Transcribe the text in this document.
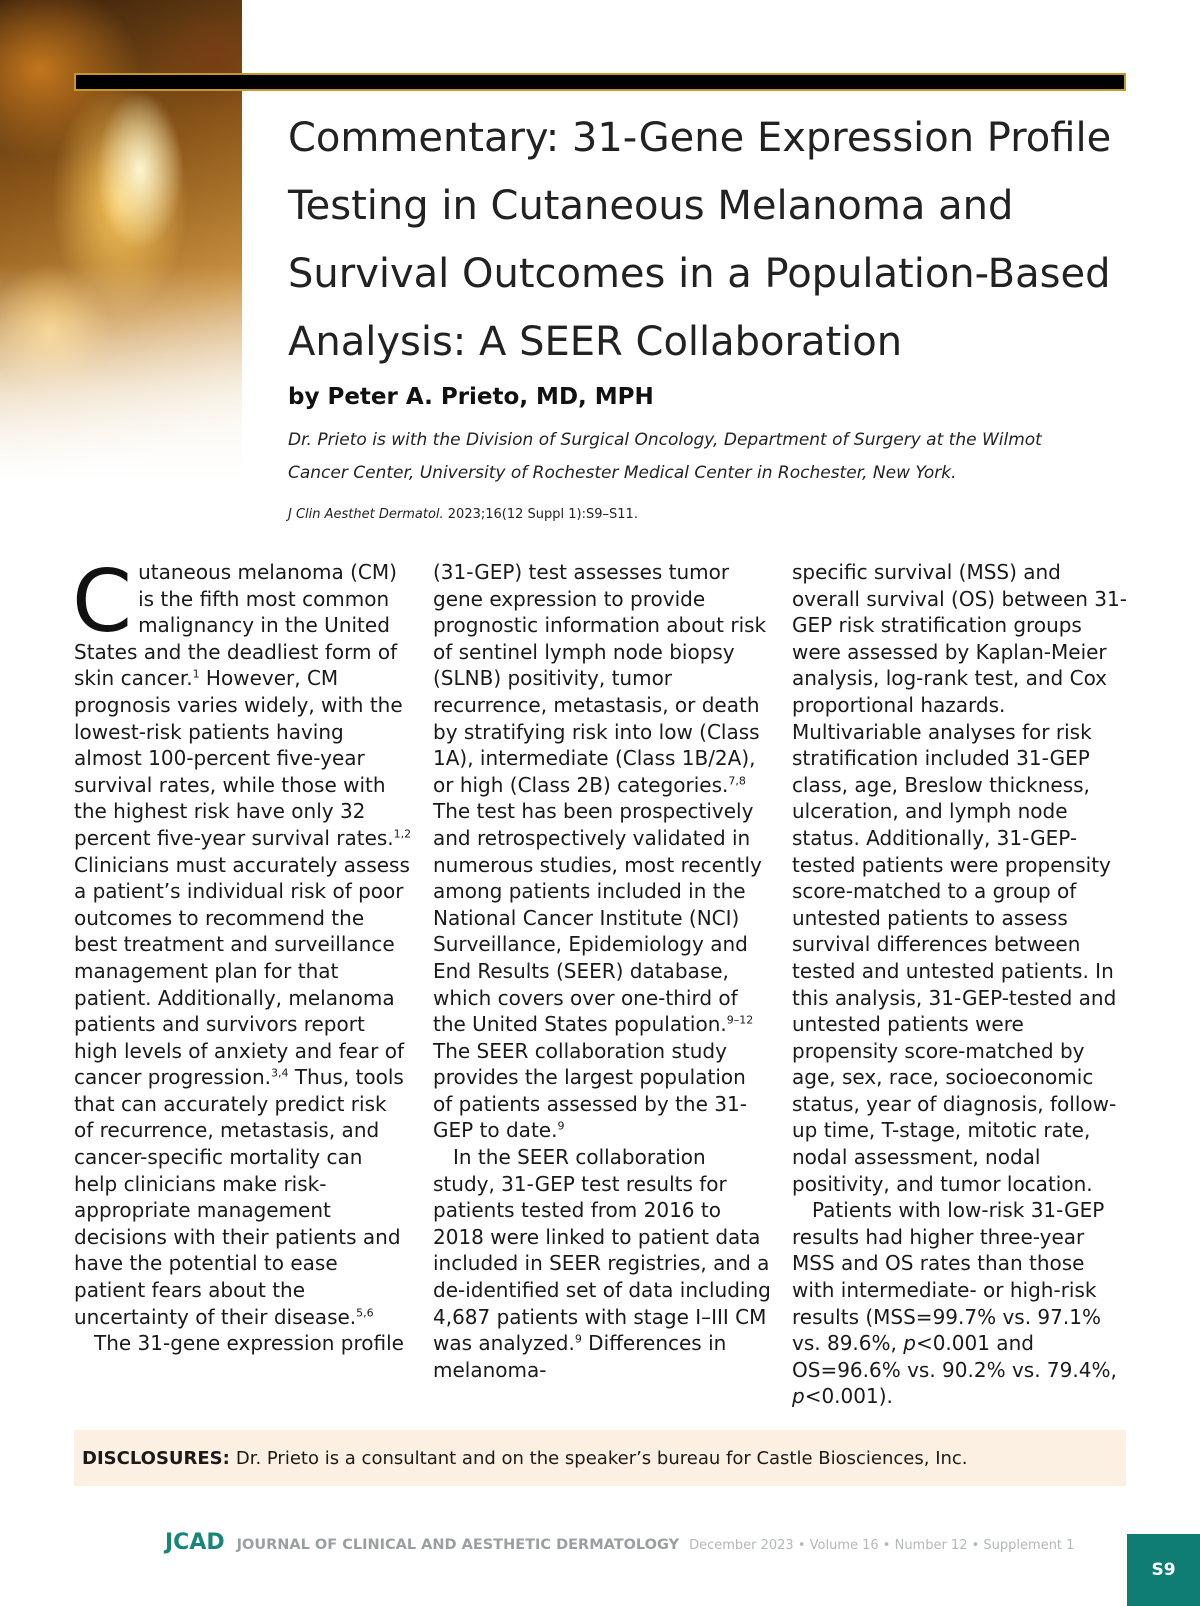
Commentary: 31-Gene Expression Profile Testing in Cutaneous Melanoma and Survival Outcomes in a Population-Based Analysis: A SEER Collaboration
by Peter A. Prieto, MD, MPH
Dr. Prieto is with the Division of Surgical Oncology, Department of Surgery at the Wilmot Cancer Center, University of Rochester Medical Center in Rochester, New York.
J Clin Aesthet Dermatol. 2023;16(12 Suppl 1):S9–S11.

Cutaneous melanoma (CM) is the fifth most common malignancy in the United States and the deadliest form of skin cancer.$^1$ However, CM prognosis varies widely, with the lowest-risk patients having almost 100-percent five-year survival rates, while those with the highest risk have only 32 percent five-year survival rates.$^{1,2}$ Clinicians must accurately assess a patient’s individual risk of poor outcomes to recommend the best treatment and surveillance management plan for that patient. Additionally, melanoma patients and survivors report high levels of anxiety and fear of cancer progression.$^{3,4}$ Thus, tools that can accurately predict risk of recurrence, metastasis, and cancer-specific mortality can help clinicians make risk-appropriate management decisions with their patients and have the potential to ease patient fears about the uncertainty of their disease.$^{5,6}$

The 31-gene expression profile

(31-GEP) test assesses tumor gene expression to provide prognostic information about risk of sentinel lymph node biopsy (SLNB) positivity, tumor recurrence, metastasis, or death by stratifying risk into low (Class 1A), intermediate (Class 1B/2A), or high (Class 2B) categories.$^{7,8}$ The test has been prospectively and retrospectively validated in numerous studies, most recently among patients included in the National Cancer Institute (NCI) Surveillance, Epidemiology and End Results (SEER) database, which covers over one-third of the United States population.$^{9-12}$ The SEER collaboration study provides the largest population of patients assessed by the 31-GEP to date.$^9$

In the SEER collaboration study, 31-GEP test results for patients tested from 2016 to 2018 were linked to patient data included in SEER registries, and a de-identified set of data including 4,687 patients with stage I–III CM was analyzed.$^9$ Differences in melanoma-

specific survival (MSS) and overall survival (OS) between 31-GEP risk stratification groups were assessed by Kaplan-Meier analysis, log-rank test, and Cox proportional hazards. Multivariable analyses for risk stratification included 31-GEP class, age, Breslow thickness, ulceration, and lymph node status. Additionally, 31-GEP-tested patients were propensity score-matched to a group of untested patients to assess survival differences between tested and untested patients. In this analysis, 31-GEP-tested and untested patients were propensity score-matched by age, sex, race, socioeconomic status, year of diagnosis, follow-up time, T-stage, mitotic rate, nodal assessment, nodal positivity, and tumor location.

Patients with low-risk 31-GEP results had higher three-year MSS and OS rates than those with intermediate- or high-risk results (MSS=99.7% vs. 97.1% vs. 89.6%, p<0.001 and OS=96.6% vs. 90.2% vs. 79.4%, p<0.001).

DISCLOSURES: Dr. Prieto is a consultant and on the speaker’s bureau for Castle Biosciences, Inc.
JCAD JOURNAL OF CLINICAL AND AESTHETIC DERMATOLOGY December 2023 • Volume 16 • Number 12 • Supplement 1
S9
